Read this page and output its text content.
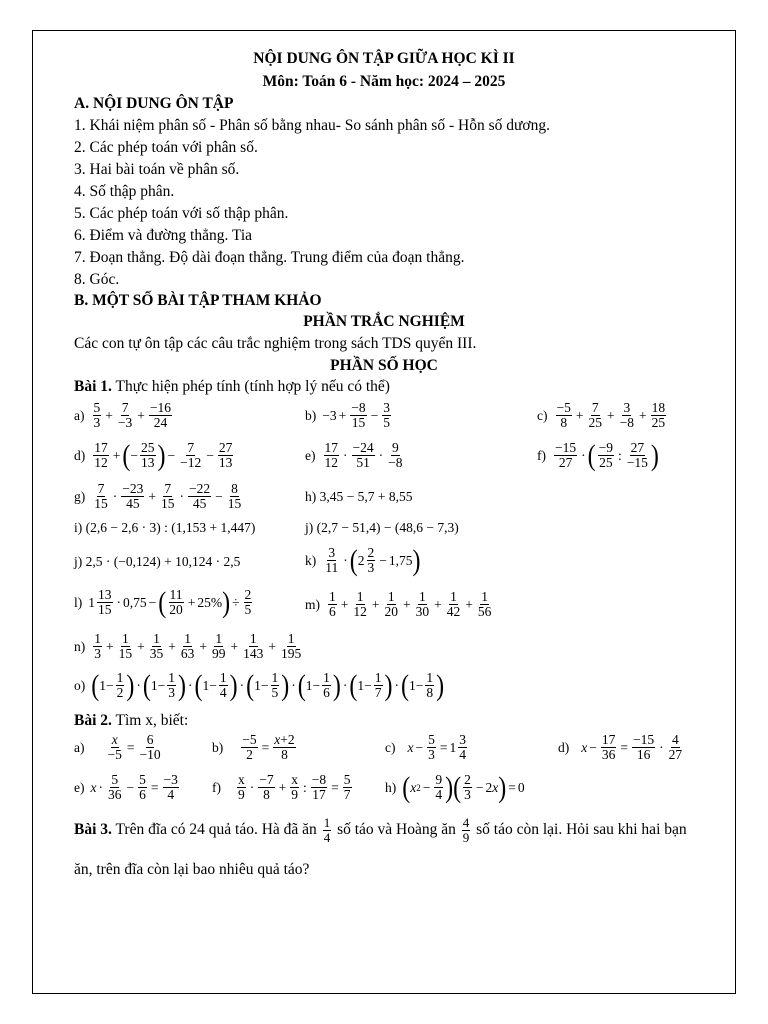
NỘI DUNG ÔN TẬP GIỮA HỌC KÌ II
Môn: Toán 6 - Năm học: 2024 – 2025
A. NỘI DUNG ÔN TẬP
1. Khái niệm phân số - Phân số bằng nhau- So sánh phân số - Hỗn số dương.
2. Các phép toán với phân số.
3. Hai bài toán về phân số.
4. Số thập phân.
5. Các phép toán với số thập phân.
6. Điểm và đường thẳng. Tia
7. Đoạn thẳng. Độ dài đoạn thẳng. Trung điểm của đoạn thẳng.
8. Góc.
B. MỘT SỐ BÀI TẬP THAM KHẢO
PHẦN TRẮC NGHIỆM
Các con tự ôn tập các câu trắc nghiệm trong sách TDS quyển III.
PHẦN SỐ HỌC
Bài 1. Thực hiện phép tính (tính hợp lý nếu có thể)
$a) \frac{5}{3} + \frac{7}{-3} + \frac{-16}{24}$	$b) -3 + \frac{-8}{15} - \frac{3}{5}$	$c) \frac{-5}{8} + \frac{7}{25} + \frac{3}{-8} + \frac{18}{25}$
$d) \frac{17}{12}$ + ( − $\frac{25}{13}$ ) − $\frac{7}{-12} - \frac{27}{13}$	$e) \frac{17}{12} \cdot \frac{-24}{51} \cdot \frac{9}{-8}$	$f) \frac{-15}{27}$ · ( $\frac{-9}{25}$ : $\frac{27}{-15}$ )
$g) \frac{7}{15} \cdot \frac{-23}{45} + \frac{7}{15} \cdot \frac{-22}{45} - \frac{8}{15}$	h) 3,45 − 5,7 + 8,55
i) (2,6 − 2,6 · 3) : (1,153 + 1,447)	j) (2,7 − 51,4) − (48,6 − 7,3)
j) 2,5 · (−0,124) + 10,124 · 2,5	$k) \frac{3}{11}$ · ( $2 \frac{2}{3} - 1,75$ )
l) $1 \frac{13}{15} \cdot 0,75$ − ( $\frac{11}{20} + 25\%$ ) ÷ $\frac{2}{5}$	$m) \frac{1}{6} + \frac{1}{12} + \frac{1}{20} + \frac{1}{30} + \frac{1}{42} + \frac{1}{56}$
$n) \frac{1}{3} + \frac{1}{15} + \frac{1}{35} + \frac{1}{63} + \frac{1}{99} + \frac{1}{143} + \frac{1}{195}$
o) ( $1- \frac{1}{2}$ ) · ( $1- \frac{1}{3}$ ) · ( $1- \frac{1}{4}$ ) · ( $1- \frac{1}{5}$ ) · ( $1- \frac{1}{6}$ ) · ( $1- \frac{1}{7}$ ) · ( $1- \frac{1}{8}$ )
Bài 2. Tìm x, biết:
$a) \frac{x}{-5} = \frac{6}{-10}$	$b) \frac{-5}{2} = \frac{x+2}{8}$	c) $x - \frac{5}{3} = 1 \frac{3}{4}$	d) $x - \frac{17}{36} = \frac{-15}{16} \cdot \frac{4}{27}$
e) $x \cdot \frac{5}{36} - \frac{5}{6} = \frac{-3}{4} f) \frac{x}{9} \cdot \frac{-7}{8} + \frac{x}{9}$ : $\frac{-8}{17} = \frac{5}{7} h$) ( x $2 - \frac{9}{4}$ ) ( $\frac{2}{3} - 2x$ ) = 0
Bài 3. Trên đĩa có 24 quả táo. Hà đã ăn $\frac{1}{4}$ số táo và Hoàng ăn $\frac{4}{9}$ số táo còn lại. Hỏi sau khi hai bạn
ăn, trên đĩa còn lại bao nhiêu quả táo?
